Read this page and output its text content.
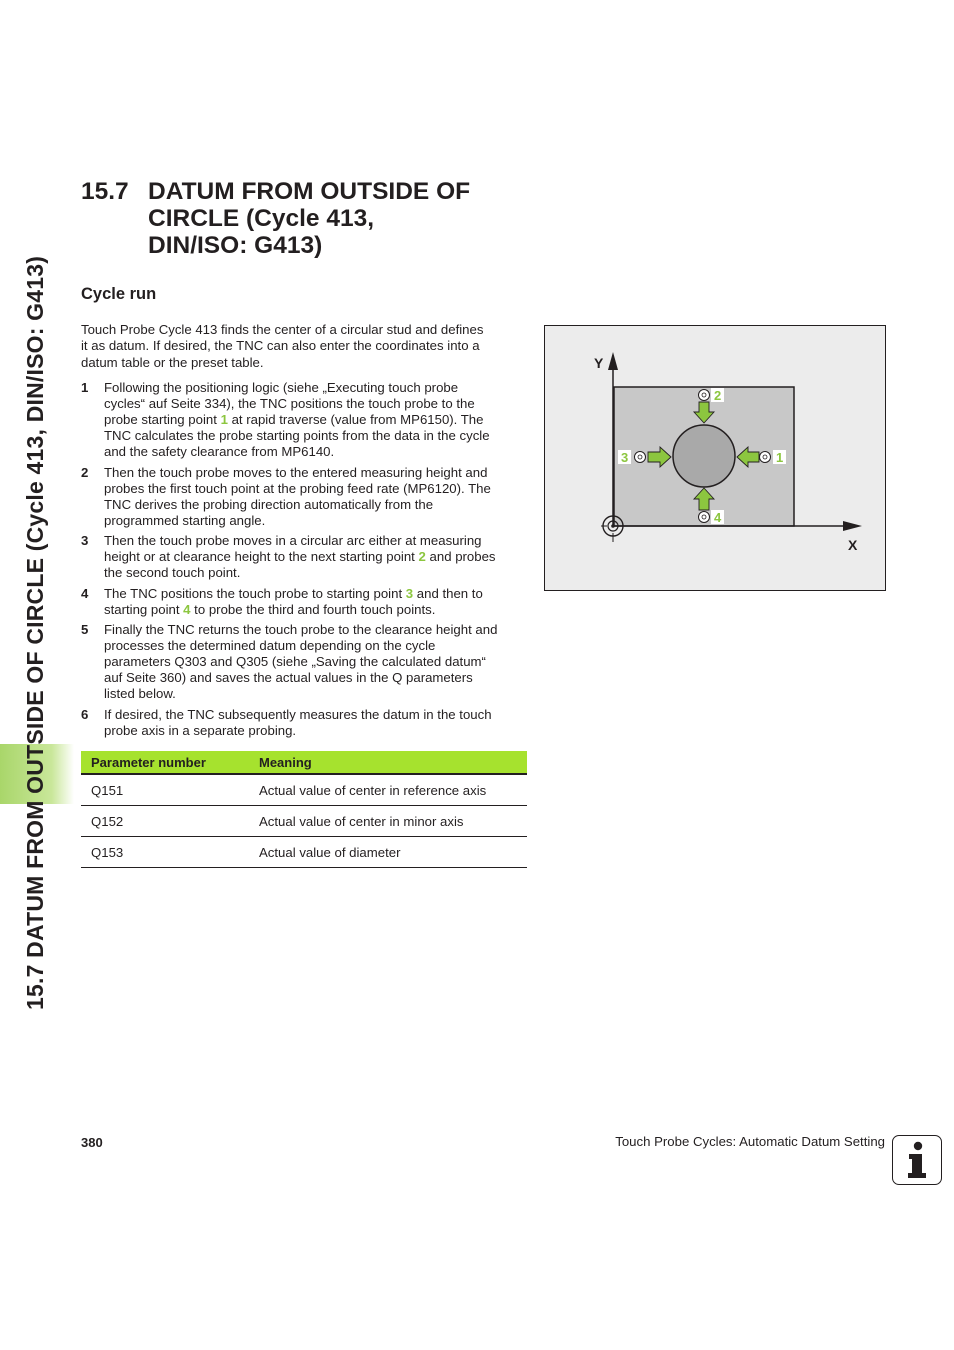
15.7 DATUM FROM OUTSIDE OF CIRCLE (Cycle 413, DIN/ISO: G413)
15.7 DATUM FROM OUTSIDE OF
CIRCLE (Cycle 413,
DIN/ISO: G413)
Cycle run
Touch Probe Cycle 413 finds the center of a circular stud and defines
it as datum. If desired, the TNC can also enter the coordinates into a
datum table or the preset table.
1 Following the positioning logic (siehe „Executing touch probe
cycles“ auf Seite 334), the TNC positions the touch probe to the
probe starting point 1 at rapid traverse (value from MP6150). The
TNC calculates the probe starting points from the data in the cycle
and the safety clearance from MP6140.
2 Then the touch probe moves to the entered measuring height and
probes the first touch point at the probing feed rate (MP6120). The
TNC derives the probing direction automatically from the
programmed starting angle.
3 Then the touch probe moves in a circular arc either at measuring
height or at clearance height to the next starting point 2 and probes
the second touch point.
4 The TNC positions the touch probe to starting point 3 and then to
starting point 4 to probe the third and fourth touch points.
5 Finally the TNC returns the touch probe to the clearance height and
processes the determined datum depending on the cycle
parameters Q303 and Q305 (siehe „Saving the calculated datum“
auf Seite 360) and saves the actual values in the Q parameters
listed below.
6 If desired, the TNC subsequently measures the datum in the touch
probe axis in a separate probing.
Parameter number	Meaning
Q151	Actual value of center in reference axis
Q152	Actual value of center in minor axis
Q153	Actual value of diameter
X
Y
1
2
3
4
380	Touch Probe Cycles: Automatic Datum Setting
